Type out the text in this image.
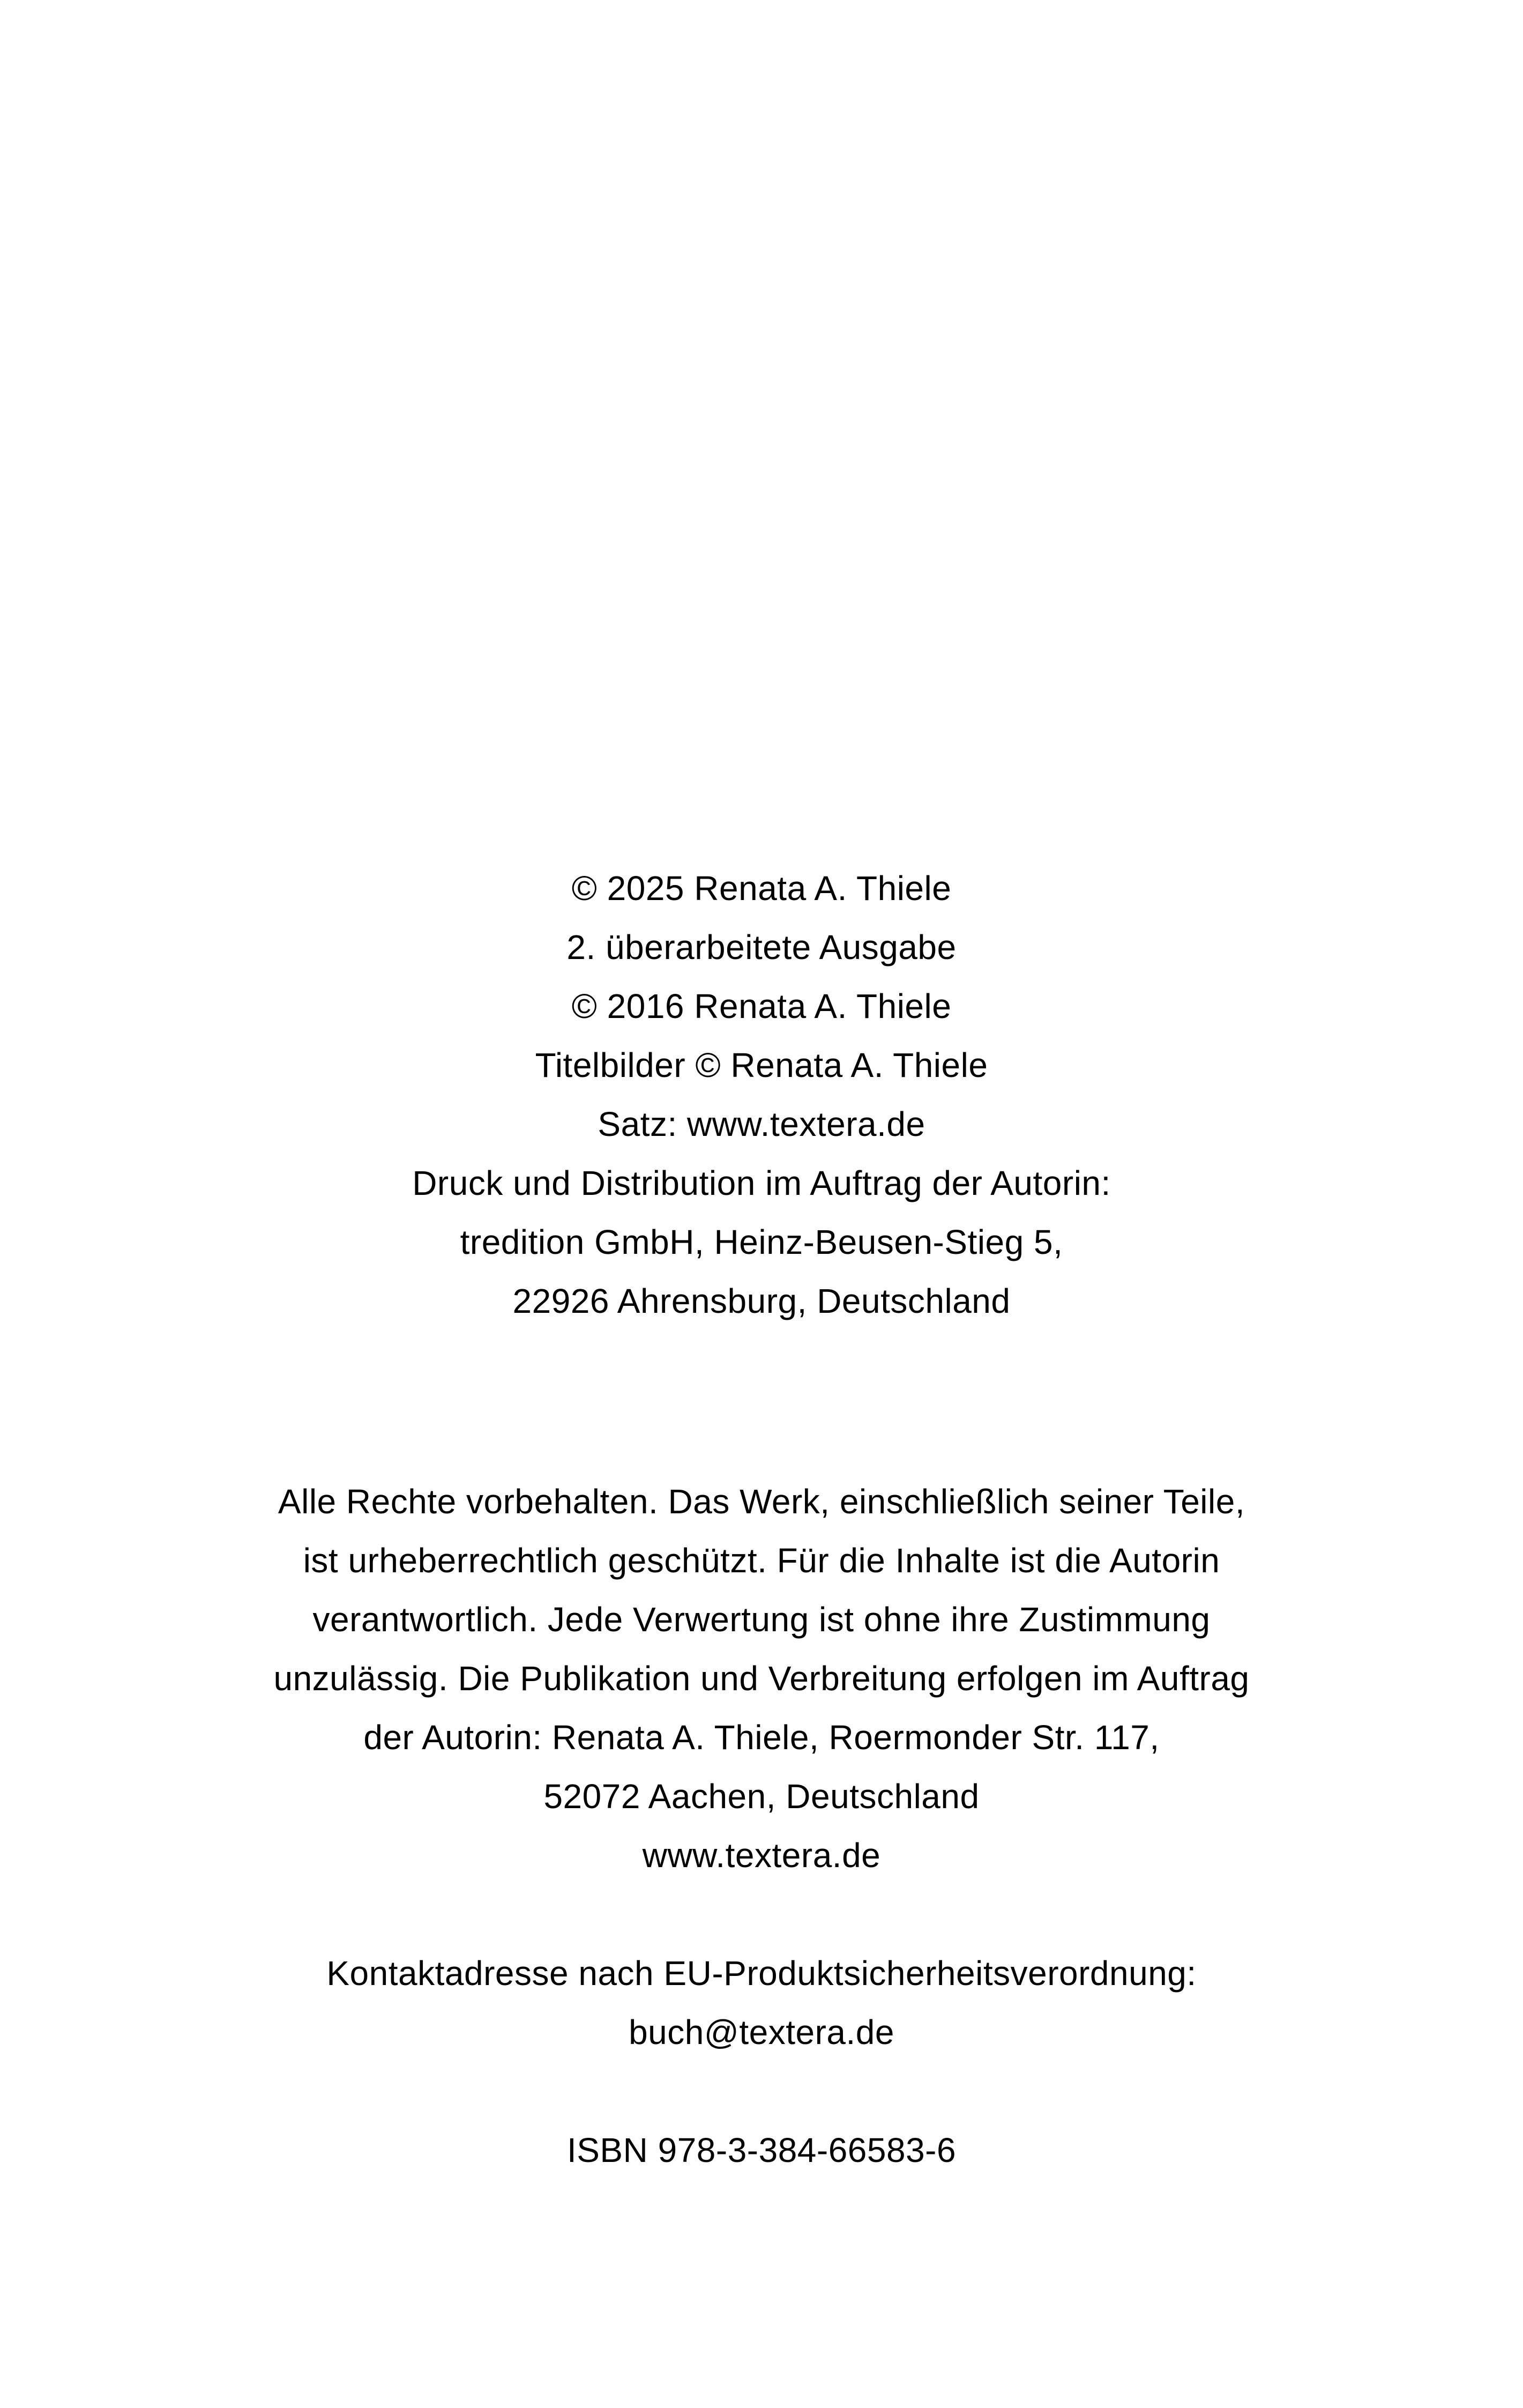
© 2025 Renata A. Thiele
2. überarbeitete Ausgabe
© 2016 Renata A. Thiele
Titelbilder © Renata A. Thiele
Satz: www.textera.de
Druck und Distribution im Auftrag der Autorin:
tredition GmbH, Heinz-Beusen-Stieg 5,
22926 Ahrensburg, Deutschland
Alle Rechte vorbehalten. Das Werk, einschließlich seiner Teile,
ist urheberrechtlich geschützt. Für die Inhalte ist die Autorin
verantwortlich. Jede Verwertung ist ohne ihre Zustimmung
unzulässig. Die Publikation und Verbreitung erfolgen im Auftrag
der Autorin: Renata A. Thiele, Roermonder Str. 117,
52072 Aachen, Deutschland
www.textera.de
Kontaktadresse nach EU-Produktsicherheitsverordnung:
buch@textera.de
ISBN 978-3-384-66583-6
